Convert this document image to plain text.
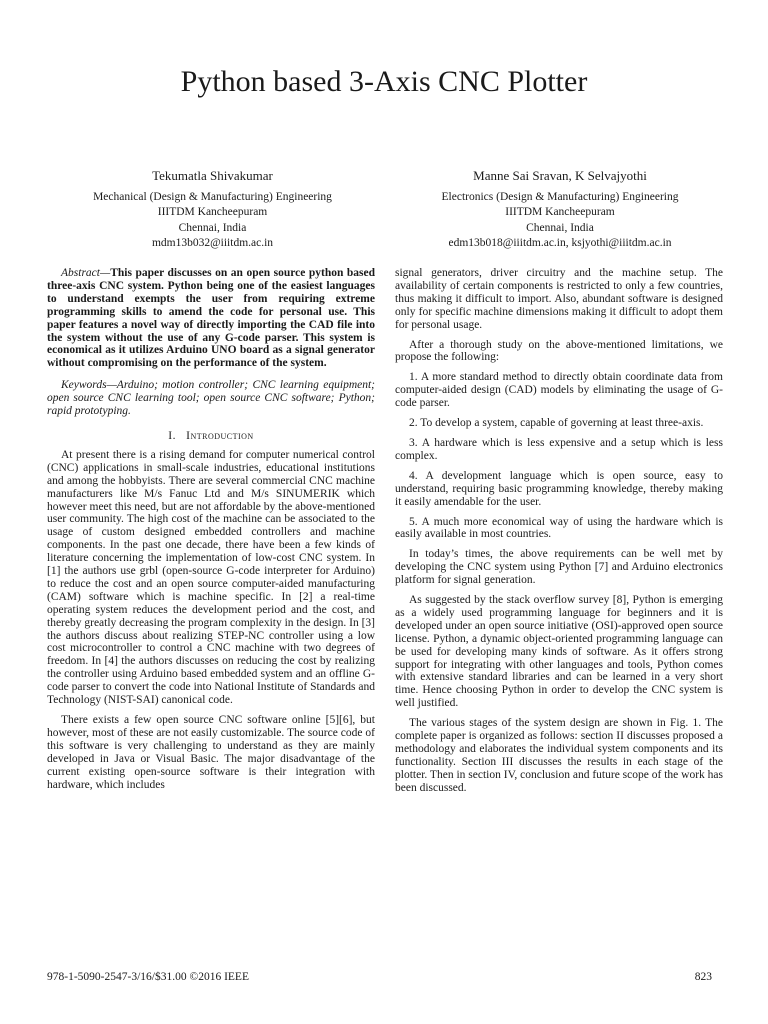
Python based 3-Axis CNC Plotter
Tekumatla Shivakumar
Mechanical (Design & Manufacturing) Engineering
IIITDM Kancheepuram
Chennai, India
mdm13b032@iiitdm.ac.in
Manne Sai Sravan, K Selvajyothi
Electronics (Design & Manufacturing) Engineering
IIITDM Kancheepuram
Chennai, India
edm13b018@iiitdm.ac.in, ksjyothi@iiitdm.ac.in

Abstract—This paper discusses on an open source python based three-axis CNC system. Python being one of the easiest languages to understand exempts the user from requiring extreme programming skills to amend the code for personal use. This paper features a novel way of directly importing the CAD file into the system without the use of any G-code parser. This system is economical as it utilizes Arduino UNO board as a signal generator without compromising on the performance of the system.

Keywords—Arduino; motion controller; CNC learning equipment; open source CNC learning tool; open source CNC software; Python; rapid prototyping.

I. Introduction

At present there is a rising demand for computer numerical control (CNC) applications in small-scale industries, educational institutions and among the hobbyists. There are several commercial CNC machine manufacturers like M/s Fanuc Ltd and M/s SINUMERIK which however meet this need, but are not affordable by the above-mentioned user community. The high cost of the machine can be associated to the usage of custom designed embedded controllers and machine components. In the past one decade, there have been a few kinds of literature concerning the implementation of low-cost CNC system. In [1] the authors use grbl (open-source G-code interpreter for Arduino) to reduce the cost and an open source computer-aided manufacturing (CAM) software which is machine specific. In [2] a real-time operating system reduces the development period and the cost, and thereby greatly decreasing the program complexity in the design. In [3] the authors discuss about realizing STEP-NC controller using a low cost microcontroller to control a CNC machine with two degrees of freedom. In [4] the authors discusses on reducing the cost by realizing the controller using Arduino based embedded system and an offline G-code parser to convert the code into National Institute of Standards and Technology (NIST-SAI) canonical code.

There exists a few open source CNC software online [5][6], but however, most of these are not easily customizable. The source code of this software is very challenging to understand as they are mainly developed in Java or Visual Basic. The major disadvantage of the current existing open-source software is their integration with hardware, which includes

signal generators, driver circuitry and the machine setup. The availability of certain components is restricted to only a few countries, thus making it difficult to import. Also, abundant software is designed only for specific machine dimensions making it difficult to adopt them for personal usage.

After a thorough study on the above-mentioned limitations, we propose the following:

1. A more standard method to directly obtain coordinate data from computer-aided design (CAD) models by eliminating the usage of G-code parser.

2. To develop a system, capable of governing at least three-axis.

3. A hardware which is less expensive and a setup which is less complex.

4. A development language which is open source, easy to understand, requiring basic programming knowledge, thereby making it easily amendable for the user.

5. A much more economical way of using the hardware which is easily available in most countries.

In today’s times, the above requirements can be well met by developing the CNC system using Python [7] and Arduino electronics platform for signal generation.

As suggested by the stack overflow survey [8], Python is emerging as a widely used programming language for beginners and it is developed under an open source initiative (OSI)-approved open source license. Python, a dynamic object-oriented programming language can be used for developing many kinds of software. As it offers strong support for integrating with other languages and tools, Python comes with extensive standard libraries and can be learned in a very short time. Hence choosing Python in order to develop the CNC system is well justified.

The various stages of the system design are shown in Fig. 1. The complete paper is organized as follows: section II discusses proposed a methodology and elaborates the individual system components and its functionality. Section III discusses the results in each stage of the plotter. Then in section IV, conclusion and future scope of the work has been discussed.

978-1-5090-2547-3/16/$31.00 ©2016 IEEE	823
